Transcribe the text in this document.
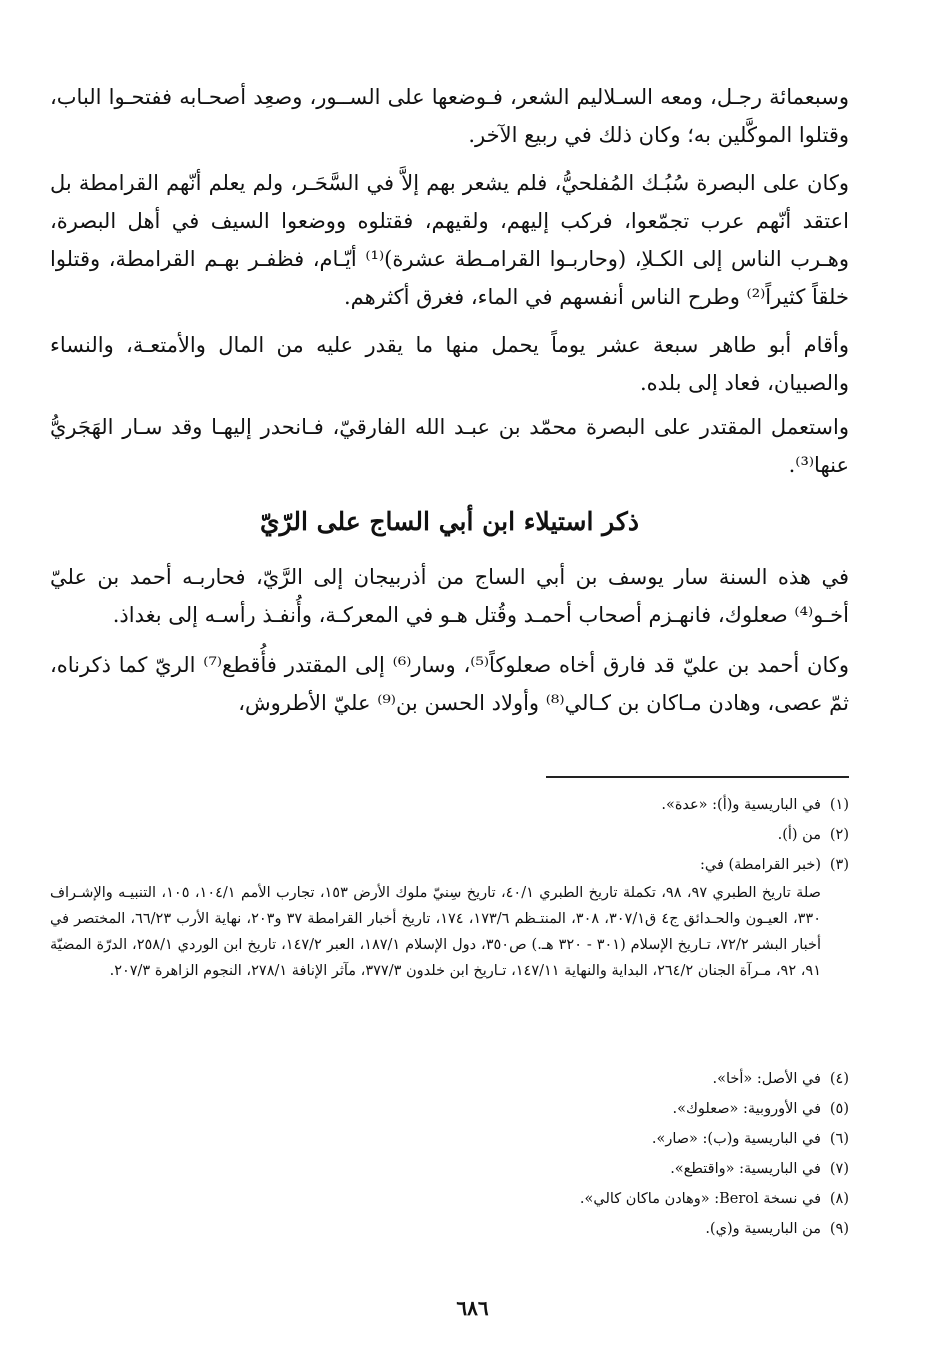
وسبعمائة رجـل، ومعه السـلاليم الشعر، فـوضعها على الســور، وصعِد أصحـابه ففتحـوا الباب، وقتلوا الموكَّلين به؛ وكان ذلك في ربيع الآخر.

وكان على البصرة سُبُـك المُفلحيُّ، فلم يشعر بهم إلاَّ في السَّحَـر، ولم يعلم أنّهم القرامطة بل اعتقد أنّهم عرب تجمّعوا، فركب إليهم، ولقيهم، فقتلوه ووضعوا السيف في أهل البصرة، وهـرب الناس إلى الكـلاِ، (وحاربـوا القرامـطة عشرة)⁽¹⁾ أيّـام، فظفـر بهـم القرامطة، وقتلوا خلقاً كثيراً⁽²⁾ وطرح الناس أنفسهم في الماء، فغرق أكثرهم.

وأقام أبو طاهر سبعة عشر يوماً يحمل منها ما يقدر عليه من المال والأمتعـة، والنساء والصبيان، فعاد إلى بلده.

واستعمل المقتدر على البصرة محمّد بن عبـد الله الفارقيّ، فـانحدر إليهـا وقد سـار الهَجَريُّ عنها⁽³⁾.

ذكر استيلاء ابن أبي الساج على الرّيّ

في هذه السنة سار يوسف بن أبي الساج من أذربيجان إلى الرَّيّ، فحاربـه أحمد بن عليّ أخـو⁽⁴⁾ صعلوك، فانهـزم أصحاب أحمـد وقُتل هـو في المعركـة، وأُنفـذ رأسـه إلى بغداذ.

وكان أحمد بن عليّ قد فارق أخاه صعلوكاً⁽⁵⁾، وسار⁽⁶⁾ إلى المقتدر فأُقطع⁽⁷⁾ الريّ كما ذكرناه، ثمّ عصى، وهادن مـاكان بن كـالي⁽⁸⁾ وأولاد الحسن بن⁽⁹⁾ عليّ الأطروش،

(١)في الباريسية و(أ): «عدة».

(٢)من (أ).

(٣)(خبر القرامطة) في:

صلة تاريخ الطبري ٩٧، ٩٨، تكملة تاريخ الطبري ٤٠/١، تاريخ سِنيّ ملوك الأرض ١٥٣، تجارب الأمم ١٠٤/١، ١٠٥، التنبيـه والإشـراف ٣٣٠، العيـون والحـدائق ج٤ ق٣٠٧/١، ٣٠٨، المنتـظم ١٧٣/٦، ١٧٤، تاريخ أخبار القرامطة ٣٧ و٢٠٣، نهاية الأرب ٦٦/٢٣، المختصر في أخبار البشر ٧٢/٢، تـاريخ الإسلام (٣٠١ - ٣٢٠ هـ.) ص٣٥٠، دول الإسلام ١٨٧/١، العبر ١٤٧/٢، تاريخ ابن الوردي ٢٥٨/١، الدرّة المضيّة ٩١، ٩٢، مـرآة الجنان ٢٦٤/٢، البداية والنهاية ١٤٧/١١، تـاريخ ابن خلدون ٣٧٧/٣، مآثر الإنافة ٢٧٨/١، النجوم الزاهرة ٢٠٧/٣.

(٤)في الأصل: «أخا».

(٥)في الأوروبية: «صعلوك».

(٦)في الباريسية و(ب): «صار».

(٧)في الباريسية: «واقتطع».

(٨)في نسخة Berol: «وهادن ماكان كالي».

(٩)من الباريسية و(ي).

٦٨٦
